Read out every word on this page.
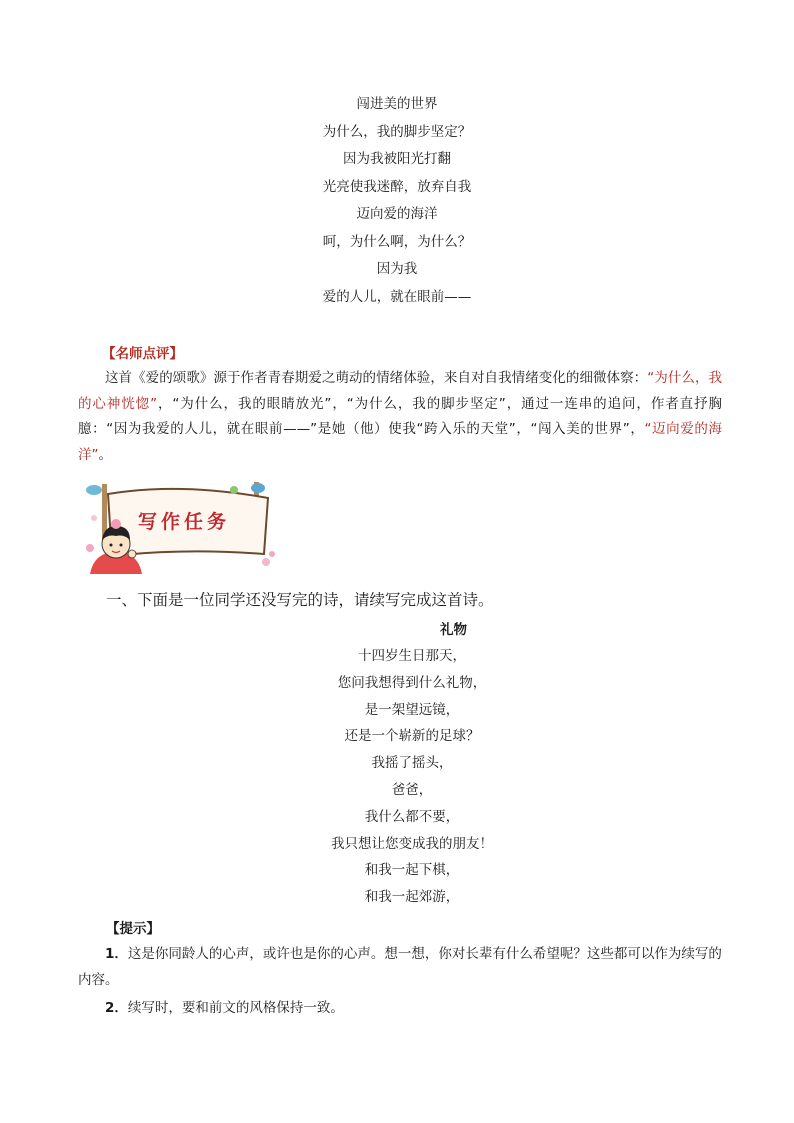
闯进美的世界
为什么，我的脚步坚定？
因为我被阳光打翻
光亮使我迷醉，放弃自我
迈向爱的海洋
呵，为什么啊，为什么？
因为我
爱的人儿，就在眼前——
【名师点评】
这首《爱的颂歌》源于作者青春期爱之萌动的情绪体验，来自对自我情绪变化的细微体察：“为什么，我的心神恍惚”，“为什么，我的眼睛放光”，“为什么，我的脚步坚定”，通过一连串的追问，作者直抒胸臆：“因为我爱的人儿，就在眼前——”是她（他）使我“跨入乐的天堂”，“闯入美的世界”，“迈向爱的海洋”。
写作任务
一、下面是一位同学还没写完的诗，请续写完成这首诗。
礼物
十四岁生日那天，
您问我想得到什么礼物，
是一架望远镜，
还是一个崭新的足球？
我摇了摇头，
爸爸，
我什么都不要，
我只想让您变成我的朋友！
和我一起下棋，
和我一起郊游，
【提示】
1．这是你同龄人的心声，或许也是你的心声。想一想，你对长辈有什么希望呢？这些都可以作为续写的内容。
2．续写时，要和前文的风格保持一致。
